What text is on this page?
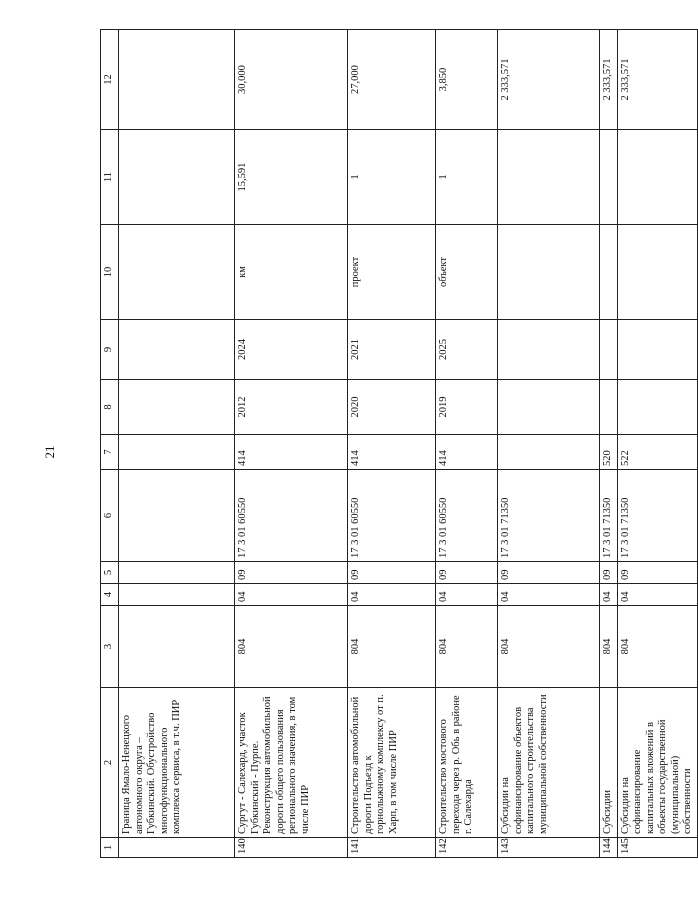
21
1	2	3	4	5	6	7	8	9	10	11	12
	Граница Ямало-Ненецкого автономного округа – Губкинский. Обустройство многофункционального комплекса сервиса, в т.ч. ПИР										
140	Сургут - Салехард, участок Губкинский - Пурпе. Реконструкция автомобильной дороги общего пользования регионального значения, в том числе ПИР	804	04	09	17 3 01 60550	414	2012	2024	км	15,591	30,000
141	Строительство автомобильной дороги Подъезд к горнолыжному комплексу от п. Харп, в том числе ПИР	804	04	09	17 3 01 60550	414	2020	2021	проект	1	27,000
142	Строительство мостового перехода через р. Обь в районе г. Салехарда	804	04	09	17 3 01 60550	414	2019	2025	объект	1	3,850
143	Субсидии на софинансирование объектов капитального строительства муниципальной собственности	804	04	09	17 3 01 71350						2 333,571
144	Субсидии	804	04	09	17 3 01 71350	520					2 333,571
145	Субсидии на софинансирование капитальных вложений в объекты государственной (муниципальной) собственности	804	04	09	17 3 01 71350	522					2 333,571
